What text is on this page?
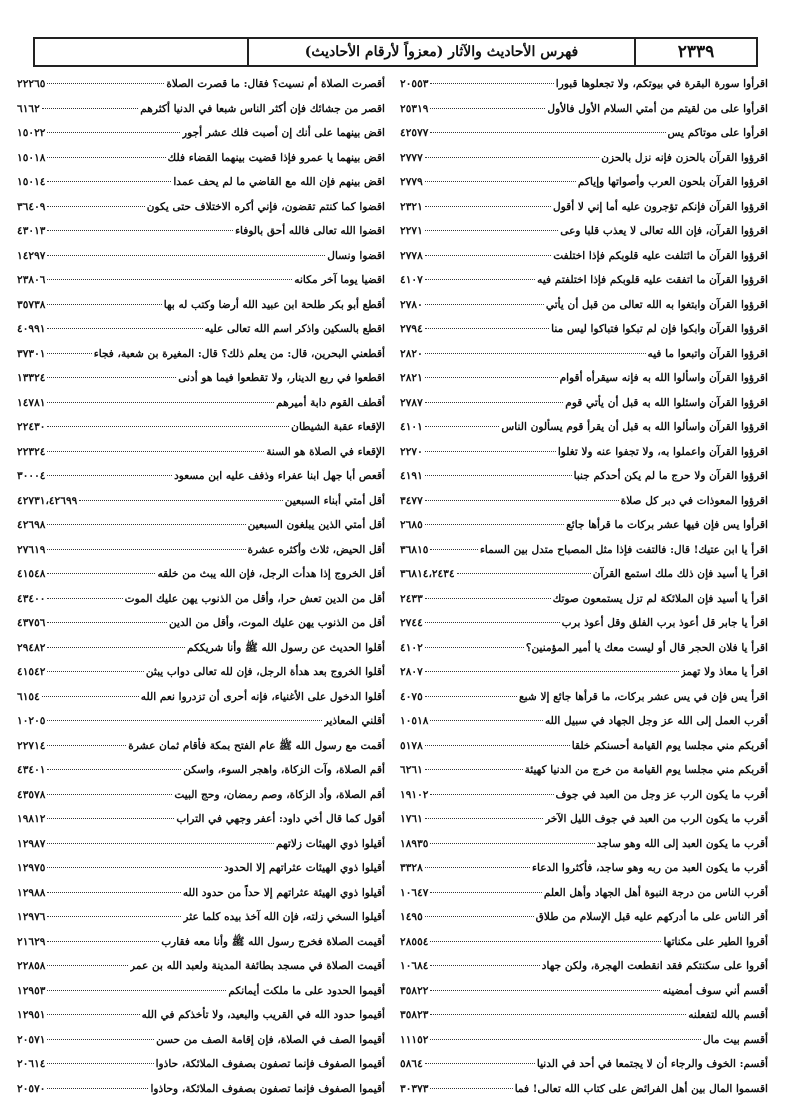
٢٣٣٩
فهرس الأحاديث والآثار (معزواً لأرقام الأحاديث)
اقرأوا سورة البقرة في بيوتكم، ولا تجعلوها قبورا
٢٠٥٥٣
اقرأوا على من لقيتم من أمتي السلام الأول فالأول
٢٥٣١٩
اقرأوا على موتاكم يس
٤٢٥٧٧
اقرؤوا القرآن بالحزن فإنه نزل بالحزن
٢٧٧٧
اقرؤوا القرآن بلحون العرب وأصواتها وإياكم
٢٧٧٩
اقرؤوا القرآن فإنكم تؤجرون عليه أما إني لا أقول
٢٣٢١
اقرؤوا القرآن، فإن الله تعالى لا يعذب قلبا وعى
٢٢٧١
اقرؤوا القرآن ما ائتلفت عليه قلوبكم فإذا اختلفت
٢٧٧٨
اقرؤوا القرآن ما اتفقت عليه قلوبكم فإذا اختلفتم فيه
٤١٠٧
اقرؤوا القرآن وابتغوا به الله تعالى من قبل أن يأتي
٢٧٨٠
اقرؤوا القرآن وابكوا فإن لم تبكوا فتباكوا ليس منا
٢٧٩٤
اقرؤوا القرآن واتبعوا ما فيه
٢٨٢٠
اقرؤوا القرآن واسألوا الله به فإنه سيقرأه أقوام
٢٨٢١
اقرؤوا القرآن واسئلوا الله به قبل أن يأتي قوم
٢٧٨٧
اقرؤوا القرآن واسألوا الله به قبل أن يقرأ قوم يسألون الناس
٤١٠١
اقرؤوا القرآن واعملوا به، ولا تجفوا عنه ولا تغلوا
٢٢٧٠
اقرؤوا القرآن ولا حرج ما لم يكن أحدكم جنبا
٤١٩١
اقرؤوا المعوذات في دبر كل صلاة
٣٤٧٧
اقرأوا يس فإن فيها عشر بركات ما قرأها جائع
٢٦٨٥
اقرأ يا ابن عتيك! قال: فالتفت فإذا مثل المصباح متدل بين السماء
٣٦٨١٥
اقرأ يا أسيد فإن ذلك ملك استمع القرآن
٣٦٨١٤،٢٤٣٤
اقرأ يا أسيد فإن الملائكة لم تزل يستمعون صوتك
٢٤٣٣
اقرأ يا جابر قل أعوذ برب الفلق وقل أعوذ برب
٢٧٤٤
اقرأ يا فلان الحجر قال أو ليست معك يا أمير المؤمنين؟
٤١٠٢
اقرأ يا معاذ ولا تهمز
٢٨٠٧
اقرأ يس فإن في يس عشر بركات، ما قرأها جائع إلا شبع
٤٠٧٥
أقرب العمل إلى الله عز وجل الجهاد في سبيل الله
١٠٥١٨
أقربكم مني مجلسا يوم القيامة أحسنكم خلقا
٥١٧٨
أقربكم مني مجلسا يوم القيامة من خرج من الدنيا كهيئة
٦٢٦١
أقرب ما يكون الرب عز وجل من العبد في جوف
١٩١٠٢
أقرب ما يكون الرب من العبد في جوف الليل الآخر
١٧٦١
أقرب ما يكون العبد إلى الله وهو ساجد
١٨٩٣٥
أقرب ما يكون العبد من ربه وهو ساجد، فأكثروا الدعاء
٣٣٢٨
أقرب الناس من درجة النبوة أهل الجهاد وأهل العلم
١٠٦٤٧
أقر الناس على ما أدركهم عليه قبل الإسلام من طلاق
١٤٩٥
أقروا الطير على مكناتها
٢٨٥٥٤
أقروا على سكنتكم فقد انقطعت الهجرة، ولكن جهاد
١٠٦٨٤
أقسم أني سوف أمضينه
٣٥٨٢٢
أقسم بالله لتفعلنه
٣٥٨٢٣
أقسم بيت مال
١١١٥٢
أقسم: الخوف والرجاء أن لا يجتمعا في أحد في الدنيا
٥٨٦٤
اقسموا المال بين أهل الفرائض على كتاب الله تعالى! فما
٣٠٣٧٣
أقصرت الصلاة أم نسيت؟ فقال: ما قصرت الصلاة
٢٢٢٦٥
اقصر من جشائك فإن أكثر الناس شبعا في الدنيا أكثرهم
٦١٦٢
اقض بينهما على أنك إن أصبت فلك عشر أجور
١٥٠٢٢
اقض بينهما يا عمرو فإذا قضيت بينهما القضاء فلك
١٥٠١٨
اقض بينهم فإن الله مع القاضي ما لم يحف عمدا
١٥٠١٤
اقضوا كما كنتم تقضون، فإني أكره الاختلاف حتى يكون
٣٦٤٠٩
اقضوا الله تعالى فالله أحق بالوفاء
٤٣٠١٣
اقضوا ونسال
١٤٢٩٧
اقضيا يوما آخر مكانه
٢٣٨٠٦
أقطع أبو بكر طلحة ابن عبيد الله أرضا وكتب له بها
٣٥٧٣٨
اقطع بالسكين واذكر اسم الله تعالى عليه
٤٠٩٩١
أقطعني البحرين، قال: من يعلم ذلك؟ قال: المغيرة بن شعبة، فجاء
٣٧٣٠١
اقطعوا في ربع الدينار، ولا تقطعوا فيما هو أدنى
١٣٣٢٤
أقطف القوم دابة أميرهم
١٤٧٨١
الإقعاء عقبة الشيطان
٢٢٤٣٠
الإقعاء في الصلاة هو السنة
٢٢٣٢٤
أقعص أبا جهل ابنا عفراء وذفف عليه ابن مسعود
٣٠٠٠٤
أقل أمتي أبناء السبعين
٤٢٧٣١،٤٢٦٩٩
أقل أمتي الذين يبلغون السبعين
٤٢٦٩٨
أقل الحيض، ثلاث وأكثره عشرة
٢٧٦١٩
أقل الخروج إذا هدأت الرجل، فإن الله يبث من خلقه
٤١٥٤٨
أقل من الدين تعش حرا، وأقل من الذنوب يهن عليك الموت
٤٣٤٠٠
أقل من الذنوب يهن عليك الموت، وأقل من الدين
٤٣٧٥٦
أقلوا الحديث عن رسول الله ﷺ وأنا شريككم
٢٩٤٨٢
أقلوا الخروج بعد هدأة الرجل، فإن لله تعالى دواب يبثن
٤١٥٤٢
أقلوا الدخول على الأغنياء، فإنه أحرى أن تزدروا نعم الله
٦١٥٤
أقلني المعاذير
١٠٢٠٥
أقمت مع رسول الله ﷺ عام الفتح بمكة فأقام ثمان عشرة
٢٢٧١٤
أقم الصلاة، وآت الزكاة، واهجر السوء، واسكن
٤٣٤٠١
أقم الصلاة، وأد الزكاة، وصم رمضان، وحج البيت
٤٣٥٧٨
أقول كما قال أخي داود: أعفر وجهي في التراب
١٩٨١٢
أقيلوا ذوي الهيئات زلاتهم
١٢٩٨٧
أقيلوا ذوي الهيئات عثراتهم إلا الحدود
١٢٩٧٥
أقيلوا ذوي الهيئة عثراتهم إلا حداً من حدود الله
١٢٩٨٨
أقيلوا السخي زلته، فإن الله آخذ بيده كلما عثر
١٢٩٧٦
أقيمت الصلاة فخرج رسول الله ﷺ وأنا معه فقارب
٢١٦٢٩
أقيمت الصلاة في مسجد بطائفة المدينة ولعبد الله بن عمر
٢٢٨٥٨
أقيموا الحدود على ما ملكت أيمانكم
١٢٩٥٣
أقيموا حدود الله في القريب والبعيد، ولا تأخذكم في الله
١٢٩٥١
أقيموا الصف في الصلاة، فإن إقامة الصف من حسن
٢٠٥٧١
أقيموا الصفوف فإنما تصفون بصفوف الملائكة، حاذوا
٢٠٦١٤
أقيموا الصفوف فإنما تصفون بصفوف الملائكة، وحاذوا
٢٠٥٧٠
